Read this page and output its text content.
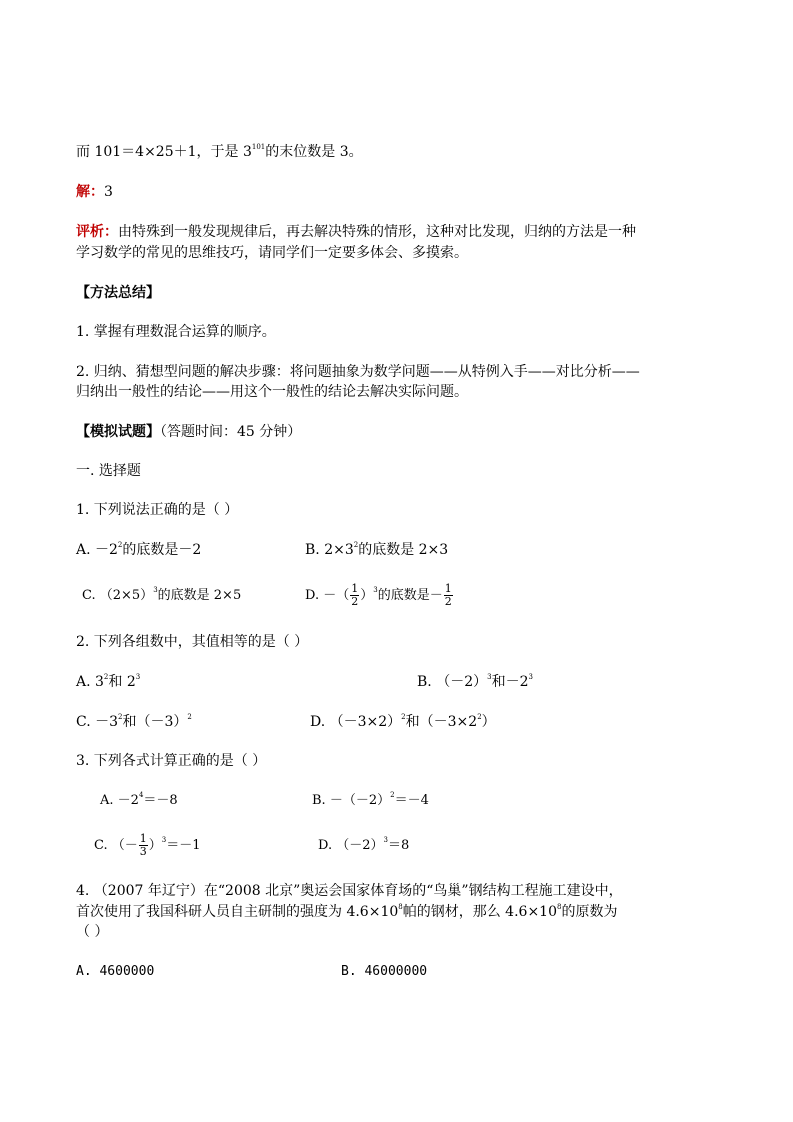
而 101＝4×25＋1，于是 $3^{101}$的末位数是 3。
解：3
评析：由特殊到一般发现规律后，再去解决特殊的情形，这种对比发现，归纳的方法是一种
学习数学的常见的思维技巧，请同学们一定要多体会、多摸索。
【方法总结】
1. 掌握有理数混合运算的顺序。
2. 归纳、猜想型问题的解决步骤：将问题抽象为数学问题——从特例入手——对比分析——
归纳出一般性的结论——用这个一般性的结论去解决实际问题。
【模拟试题】（答题时间：45 分钟）
一. 选择题
1. 下列说法正确的是（ ）
A. $-2^2$的底数是－2	B. $2\times 3^2$的底数是 2×3
C. $(2\times 5)^3$的底数是 2×5	D. －（ $\frac{1}{2} )^3$的底数是－ $\frac{1}{2}$
2. 下列各组数中，其值相等的是（ ）
A. $3^2$和 $2^3$	B. $(-2)^3$和$-2^3$
C. $-3^2$和$(-3)^2$	D. $(-3\times 2)^2$和$(-3\times 2^2)$
3. 下列各式计算正确的是（ ）
A. $-2^4=-8$	B. $-(-2)^2=-4$
C. （－ $\frac{1}{3} )^3=-1$	D. $(-2)^3=8$
4. （2007 年辽宁）在“2008 北京”奥运会国家体育场的“鸟巢”钢结构工程施工建设中，
首次使用了我国科研人员自主研制的强度为 $4.6\times 10^8$帕的钢材，那么 $4.6\times 10^8$的原数为
（ ）
A. 4600000	B. 46000000
